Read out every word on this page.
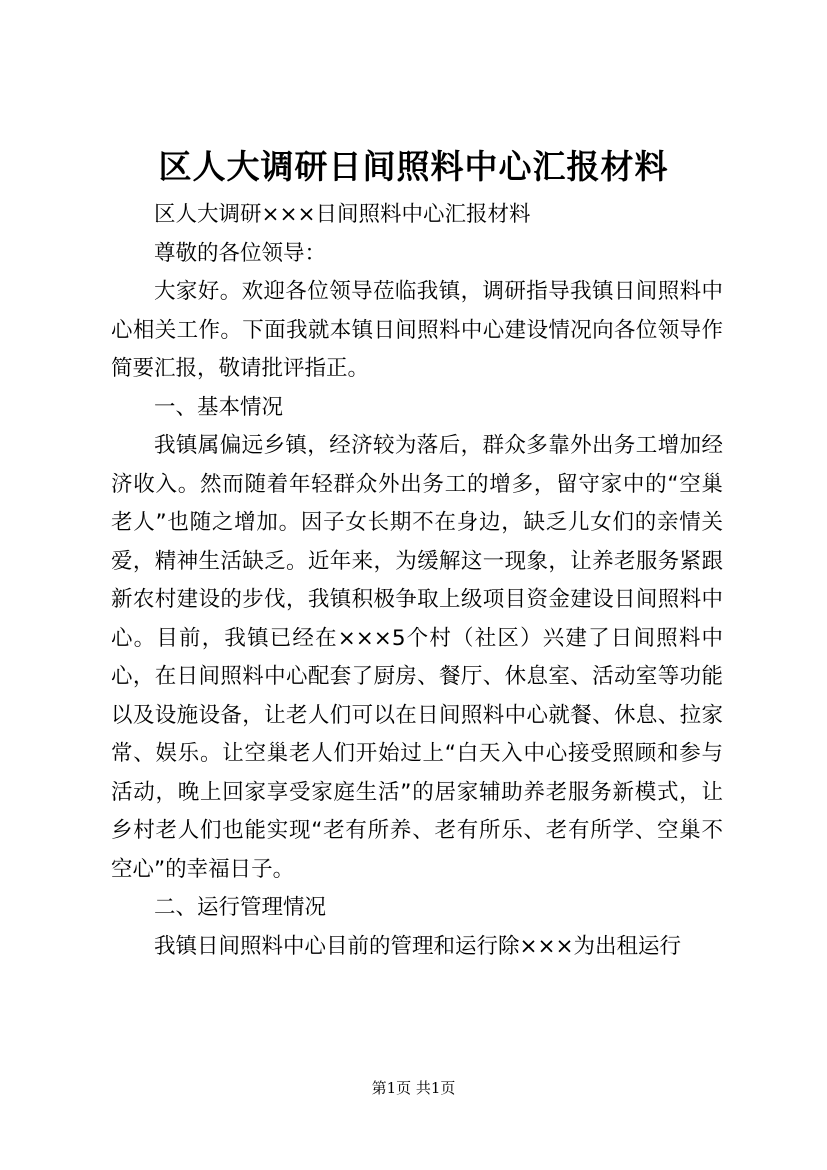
区人大调研日间照料中心汇报材料

区人大调研×××日间照料中心汇报材料

尊敬的各位领导：

大家好。欢迎各位领导莅临我镇，调研指导我镇日间照料中心相关工作。下面我就本镇日间照料中心建设情况向各位领导作简要汇报，敬请批评指正。

一、基本情况

我镇属偏远乡镇，经济较为落后，群众多靠外出务工增加经济收入。然而随着年轻群众外出务工的增多，留守家中的“空巢老人”也随之增加。因子女长期不在身边，缺乏儿女们的亲情关爱，精神生活缺乏。近年来，为缓解这一现象，让养老服务紧跟新农村建设的步伐，我镇积极争取上级项目资金建设日间照料中心。目前，我镇已经在×××5个村（社区）兴建了日间照料中心，在日间照料中心配套了厨房、餐厅、休息室、活动室等功能以及设施设备，让老人们可以在日间照料中心就餐、休息、拉家常、娱乐。让空巢老人们开始过上“白天入中心接受照顾和参与活动，晚上回家享受家庭生活”的居家辅助养老服务新模式，让乡村老人们也能实现“老有所养、老有所乐、老有所学、空巢不空心”的幸福日子。

二、运行管理情况

我镇日间照料中心目前的管理和运行除×××为出租运行

第1页 共1页
